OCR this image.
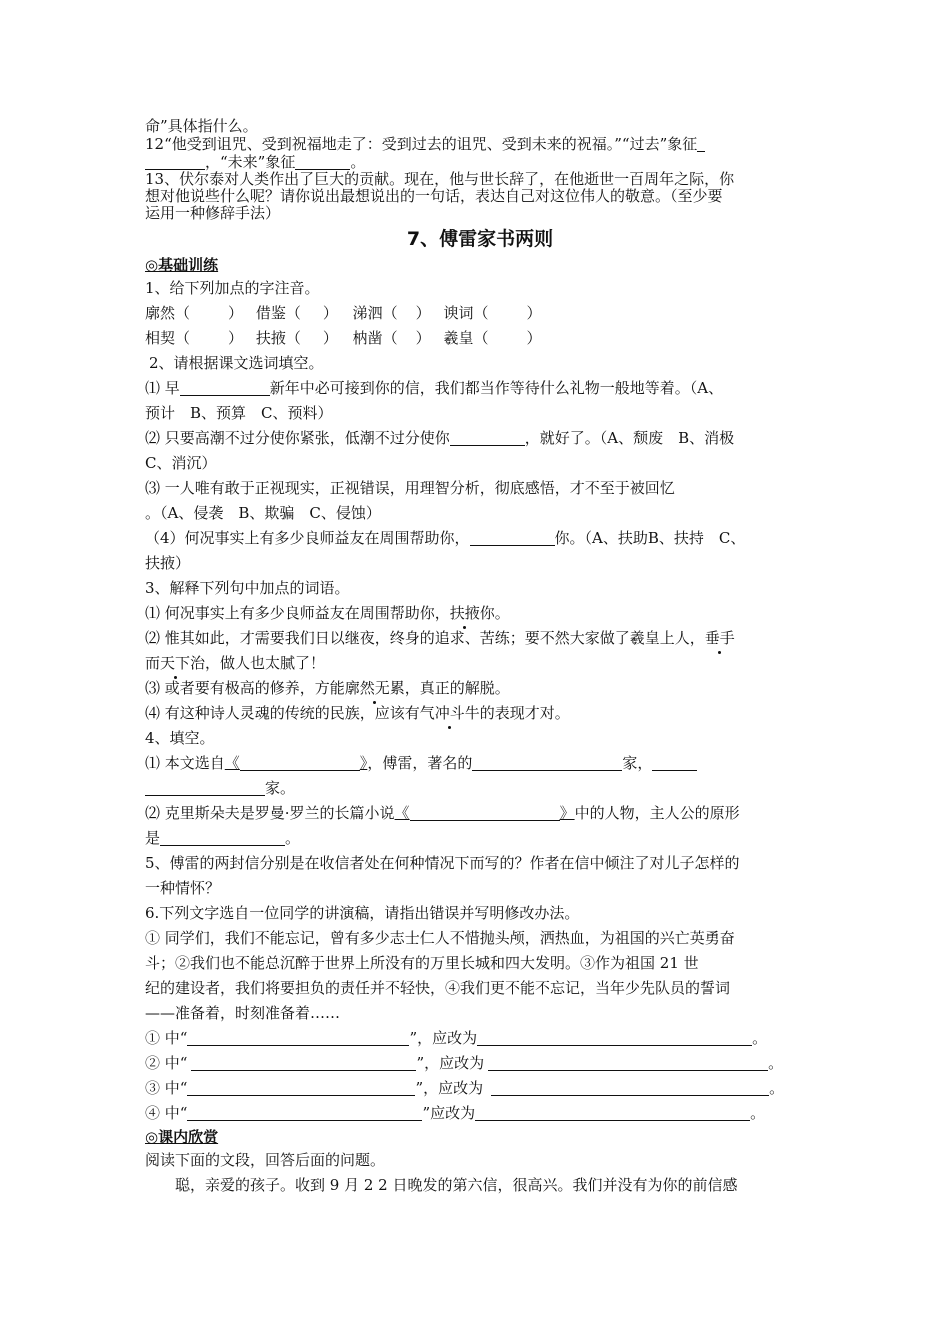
命”具体指什么。
12“他受到诅咒、受到祝福地走了：受到过去的诅咒、受到未来的祝福。”“过去”象征
，“未来”象征	。
13、伏尔泰对人类作出了巨大的贡献。现在，他与世长辞了，在他逝世一百周年之际，你
想对他说些什么呢？请你说出最想说出的一句话，表达自己对这位伟人的敬意。（至少要
运用一种修辞手法）
7、傅雷家书两则
◎基础训练
1、给下列加点的字注音。
廓然（	） 借鉴（ ） 涕泗（ ） 谀词（	）
相契（	） 扶掖（ ） 枘凿（ ） 羲皇（	）
2、请根据课文选词填空。
⑴ 早	新年中必可接到你的信，我们都当作等待什么礼物一般地等着。（A、
预计　B、预算　C、预料）
⑵ 只要高潮不过分使你紧张，低潮不过分使你	，就好了。（A、颓废　B、消极
C、消沉）
⑶ 一人唯有敢于正视现实，正视错误，用理智分析，彻底感悟，才不至于被回忆
。（A、侵袭　B、欺骗　C、侵蚀）
（4）何况事实上有多少良师益友在周围帮助你，	你。（A、扶助B、扶持　C、
扶掖）
3、解释下列句中加点的词语。
⑴ 何况事实上有多少良师益友在周围帮助你，扶掖你。
⑵ 惟其如此，才需要我们日以继夜，终身的追求、苦练；要不然大家做了羲皇上人，垂手
而天下治，做人也太腻了！
⑶ 或者要有极高的修养，方能廓然无累，真正的解脱。
⑷ 有这种诗人灵魂的传统的民族，应该有气冲斗牛的表现才对。
4、填空。
⑴ 本文选自《	》，傅雷，著名的	家，
家。
⑵ 克里斯朵夫是罗曼·罗兰的长篇小说《	》中的人物，主人公的原形
是	。
5、傅雷的两封信分别是在收信者处在何种情况下而写的？作者在信中倾注了对儿子怎样的
一种情怀？
6.下列文字选自一位同学的讲演稿，请指出错误并写明修改办法。
① 同学们，我们不能忘记，曾有多少志士仁人不惜抛头颅，洒热血，为祖国的兴亡英勇奋
斗；②我们也不能总沉醉于世界上所没有的万里长城和四大发明。③作为祖国 21 世
纪的建设者，我们将要担负的责任并不轻快，④我们更不能不忘记，当年少先队员的誓词
——准备着，时刻准备着……
① 中“	”，应改为	。
② 中“	”，应改为	。
③ 中“	”，应改为	。
④ 中“	”应改为	。
◎课内欣赏
阅读下面的文段，回答后面的问题。
聪，亲爱的孩子。收到 9 月 2 2 日晚发的第六信，很高兴。我们并没有为你的前信感
